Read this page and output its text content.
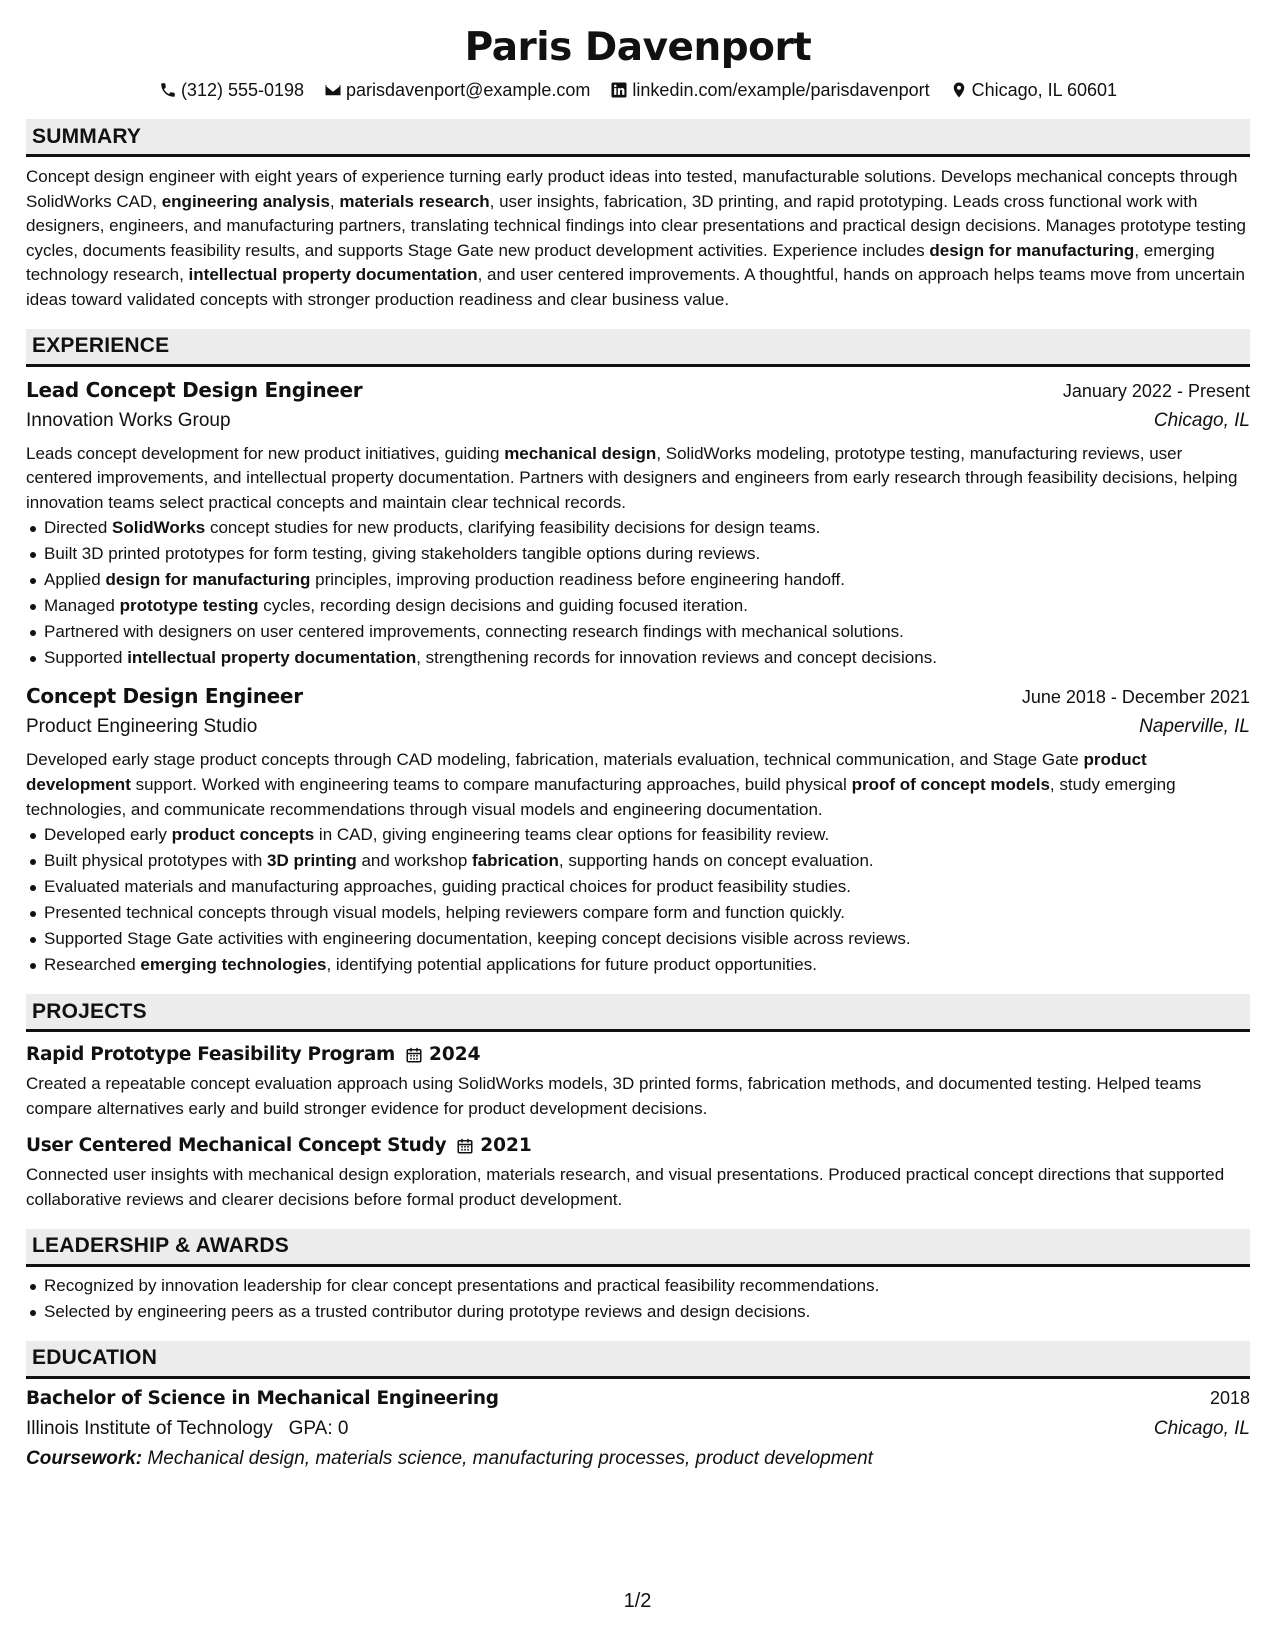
Paris Davenport
(312) 555-0198 parisdavenport@example.com linkedin.com/example/parisdavenport Chicago, IL 60601
SUMMARY
Concept design engineer with eight years of experience turning early product ideas into tested, manufacturable solutions. Develops mechanical concepts through SolidWorks CAD, engineering analysis, materials research, user insights, fabrication, 3D printing, and rapid prototyping. Leads cross functional work with designers, engineers, and manufacturing partners, translating technical findings into clear presentations and practical design decisions. Manages prototype testing cycles, documents feasibility results, and supports Stage Gate new product development activities. Experience includes design for manufacturing, emerging technology research, intellectual property documentation, and user centered improvements. A thoughtful, hands on approach helps teams move from uncertain ideas toward validated concepts with stronger production readiness and clear business value.
EXPERIENCE
Lead Concept Design Engineer	January 2022 - Present
Innovation Works Group	Chicago, IL
Leads concept development for new product initiatives, guiding mechanical design, SolidWorks modeling, prototype testing, manufacturing reviews, user centered improvements, and intellectual property documentation. Partners with designers and engineers from early research through feasibility decisions, helping innovation teams select practical concepts and maintain clear technical records.
Directed SolidWorks concept studies for new products, clarifying feasibility decisions for design teams.
Built 3D printed prototypes for form testing, giving stakeholders tangible options during reviews.
Applied design for manufacturing principles, improving production readiness before engineering handoff.
Managed prototype testing cycles, recording design decisions and guiding focused iteration.
Partnered with designers on user centered improvements, connecting research findings with mechanical solutions.
Supported intellectual property documentation, strengthening records for innovation reviews and concept decisions.
Concept Design Engineer	June 2018 - December 2021
Product Engineering Studio	Naperville, IL
Developed early stage product concepts through CAD modeling, fabrication, materials evaluation, technical communication, and Stage Gate product development support. Worked with engineering teams to compare manufacturing approaches, build physical proof of concept models, study emerging technologies, and communicate recommendations through visual models and engineering documentation.
Developed early product concepts in CAD, giving engineering teams clear options for feasibility review.
Built physical prototypes with 3D printing and workshop fabrication, supporting hands on concept evaluation.
Evaluated materials and manufacturing approaches, guiding practical choices for product feasibility studies.
Presented technical concepts through visual models, helping reviewers compare form and function quickly.
Supported Stage Gate activities with engineering documentation, keeping concept decisions visible across reviews.
Researched emerging technologies, identifying potential applications for future product opportunities.
PROJECTS
Rapid Prototype Feasibility Program 2024
Created a repeatable concept evaluation approach using SolidWorks models, 3D printed forms, fabrication methods, and documented testing. Helped teams compare alternatives early and build stronger evidence for product development decisions.
User Centered Mechanical Concept Study 2021
Connected user insights with mechanical design exploration, materials research, and visual presentations. Produced practical concept directions that supported collaborative reviews and clearer decisions before formal product development.
LEADERSHIP & AWARDS
Recognized by innovation leadership for clear concept presentations and practical feasibility recommendations.
Selected by engineering peers as a trusted contributor during prototype reviews and design decisions.
EDUCATION
Bachelor of Science in Mechanical Engineering	2018
Illinois Institute of Technology GPA: 0	Chicago, IL
Coursework: Mechanical design, materials science, manufacturing processes, product development
1/2
